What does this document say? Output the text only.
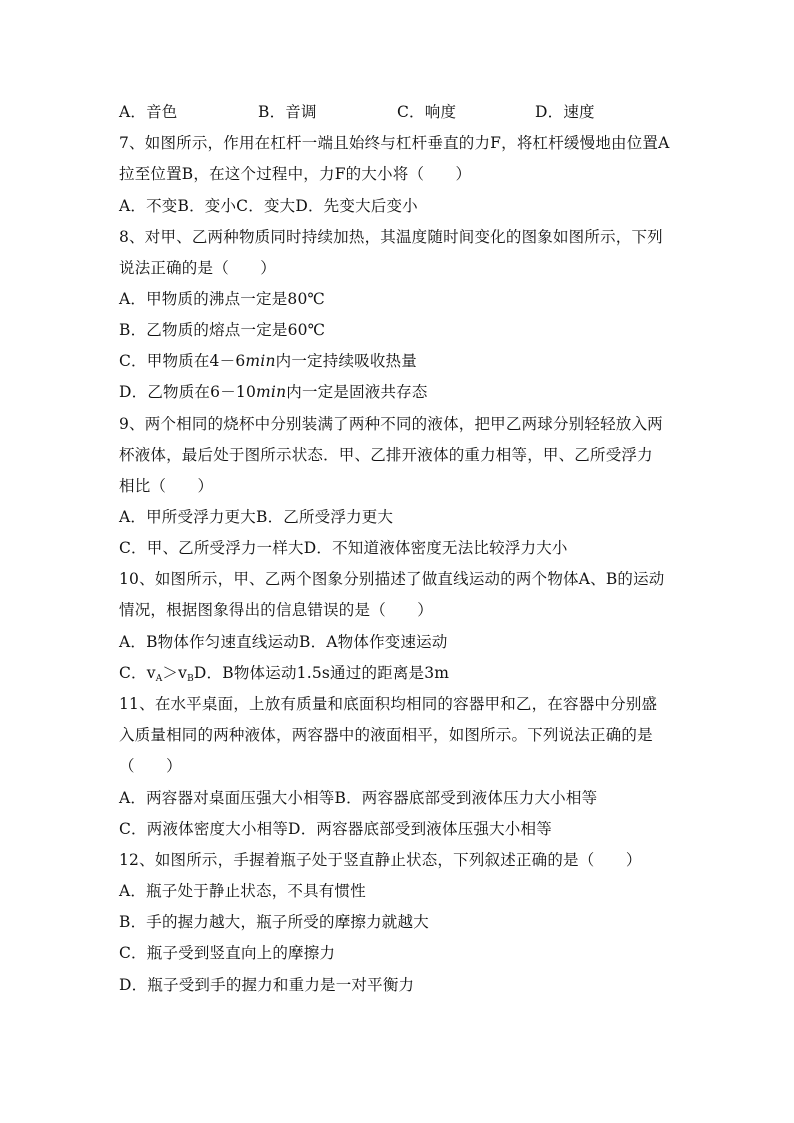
A．音色	B．音调	C．响度	D．速度
7、如图所示，作用在杠杆一端且始终与杠杆垂直的力F，将杠杆缓慢地由位置A
拉至位置B，在这个过程中，力F的大小将（　　）
A．不变B．变小C．变大D．先变大后变小
8、对甲、乙两种物质同时持续加热，其温度随时间变化的图象如图所示，下列
说法正确的是（　　）
A．甲物质的沸点一定是80℃
B．乙物质的熔点一定是60℃
C．甲物质在4－6min内一定持续吸收热量
D．乙物质在6－10min内一定是固液共存态
9、两个相同的烧杯中分别装满了两种不同的液体，把甲乙两球分别轻轻放入两
杯液体，最后处于图所示状态．甲、乙排开液体的重力相等，甲、乙所受浮力
相比（　　）
A．甲所受浮力更大B．乙所受浮力更大
C．甲、乙所受浮力一样大D．不知道液体密度无法比较浮力大小
10、如图所示，甲、乙两个图象分别描述了做直线运动的两个物体A、B的运动
情况，根据图象得出的信息错误的是（　　）
A．B物体作匀速直线运动B．A物体作变速运动
C．$v_A>v_BD$．B物体运动1.5s通过的距离是3m
11、在水平桌面，上放有质量和底面积均相同的容器甲和乙，在容器中分别盛
入质量相同的两种液体，两容器中的液面相平，如图所示。下列说法正确的是
（　　）
A．两容器对桌面压强大小相等B．两容器底部受到液体压力大小相等
C．两液体密度大小相等D．两容器底部受到液体压强大小相等
12、如图所示，手握着瓶子处于竖直静止状态，下列叙述正确的是（　　）
A．瓶子处于静止状态，不具有惯性
B．手的握力越大，瓶子所受的摩擦力就越大
C．瓶子受到竖直向上的摩擦力
D．瓶子受到手的握力和重力是一对平衡力
